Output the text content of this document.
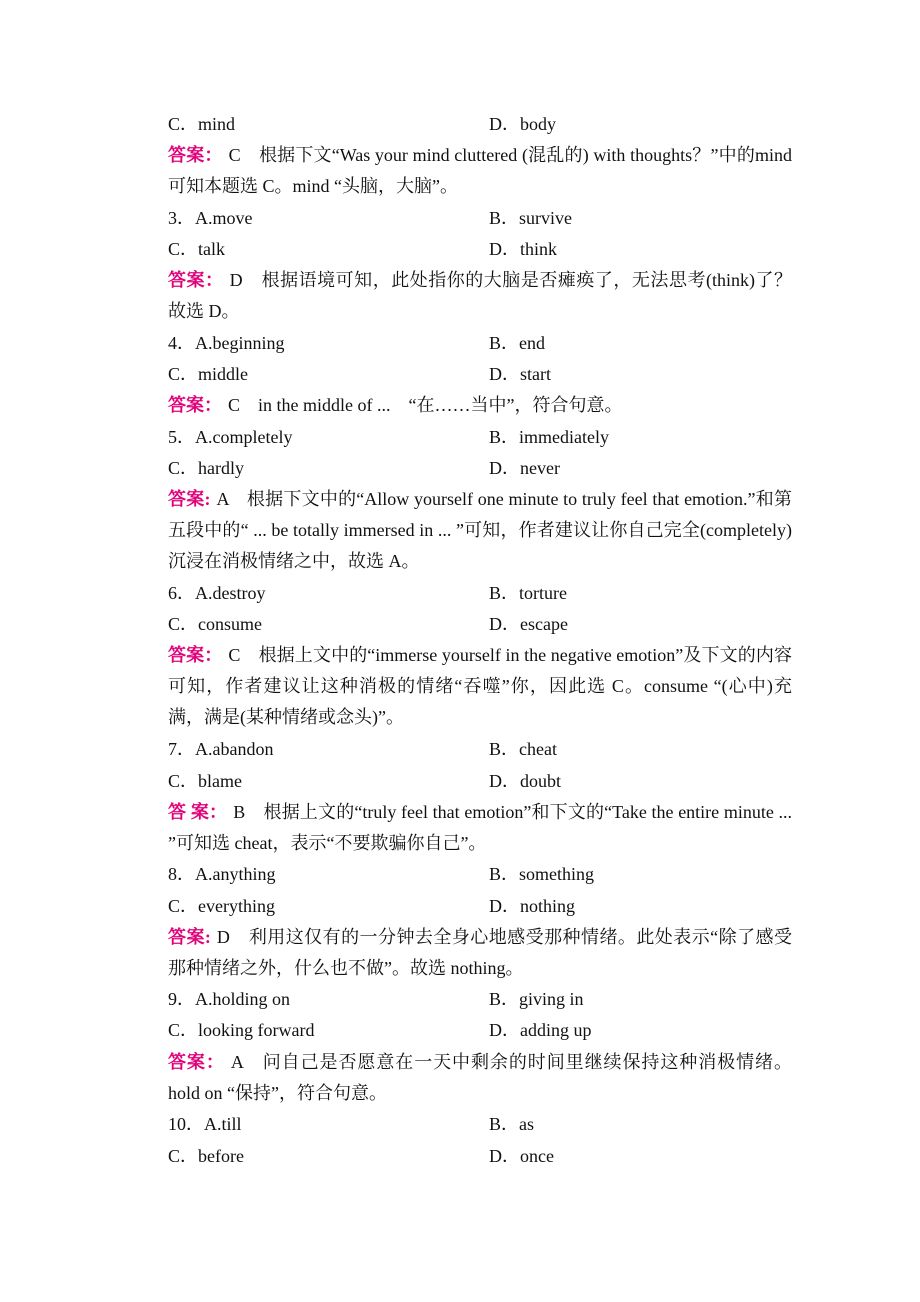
C．mind	D．body
答案： C　根据下文“Was your mind cluttered (混乱的) with thoughts？”中的mind 可知本题选 C。mind “头脑，大脑”。
3．A.move	B．survive
C．talk	D．think
答案： D　根据语境可知，此处指你的大脑是否瘫痪了，无法思考(think)了？故选 D。
4．A.beginning	B．end
C．middle	D．start
答案： C　in the middle of ...　“在……当中”，符合句意。
5．A.completely	B．immediately
C．hardly	D．never
答案: A　根据下文中的“Allow yourself one minute to truly feel that emotion.”和第五段中的“ ... be totally immersed in ... ”可知，作者建议让你自己完全(completely)沉浸在消极情绪之中，故选 A。
6．A.destroy	B．torture
C．consume	D．escape
答案： C　根据上文中的“immerse yourself in the negative emotion”及下文的内容可知，作者建议让这种消极的情绪“吞噬”你，因此选 C。consume “(心中)充满，满是(某种情绪或念头)”。
7．A.abandon	B．cheat
C．blame	D．doubt
答 案： B　根据上文的“truly feel that emotion”和下文的“Take the entire minute ... ”可知选 cheat，表示“不要欺骗你自己”。
8．A.anything	B．something
C．everything	D．nothing
答案: D　利用这仅有的一分钟去全身心地感受那种情绪。此处表示“除了感受那种情绪之外，什么也不做”。故选 nothing。
9．A.holding on	B．giving in
C．looking forward	D．adding up
答案： A　问自己是否愿意在一天中剩余的时间里继续保持这种消极情绪。hold on “保持”，符合句意。
10．A.till	B．as
C．before	D．once
